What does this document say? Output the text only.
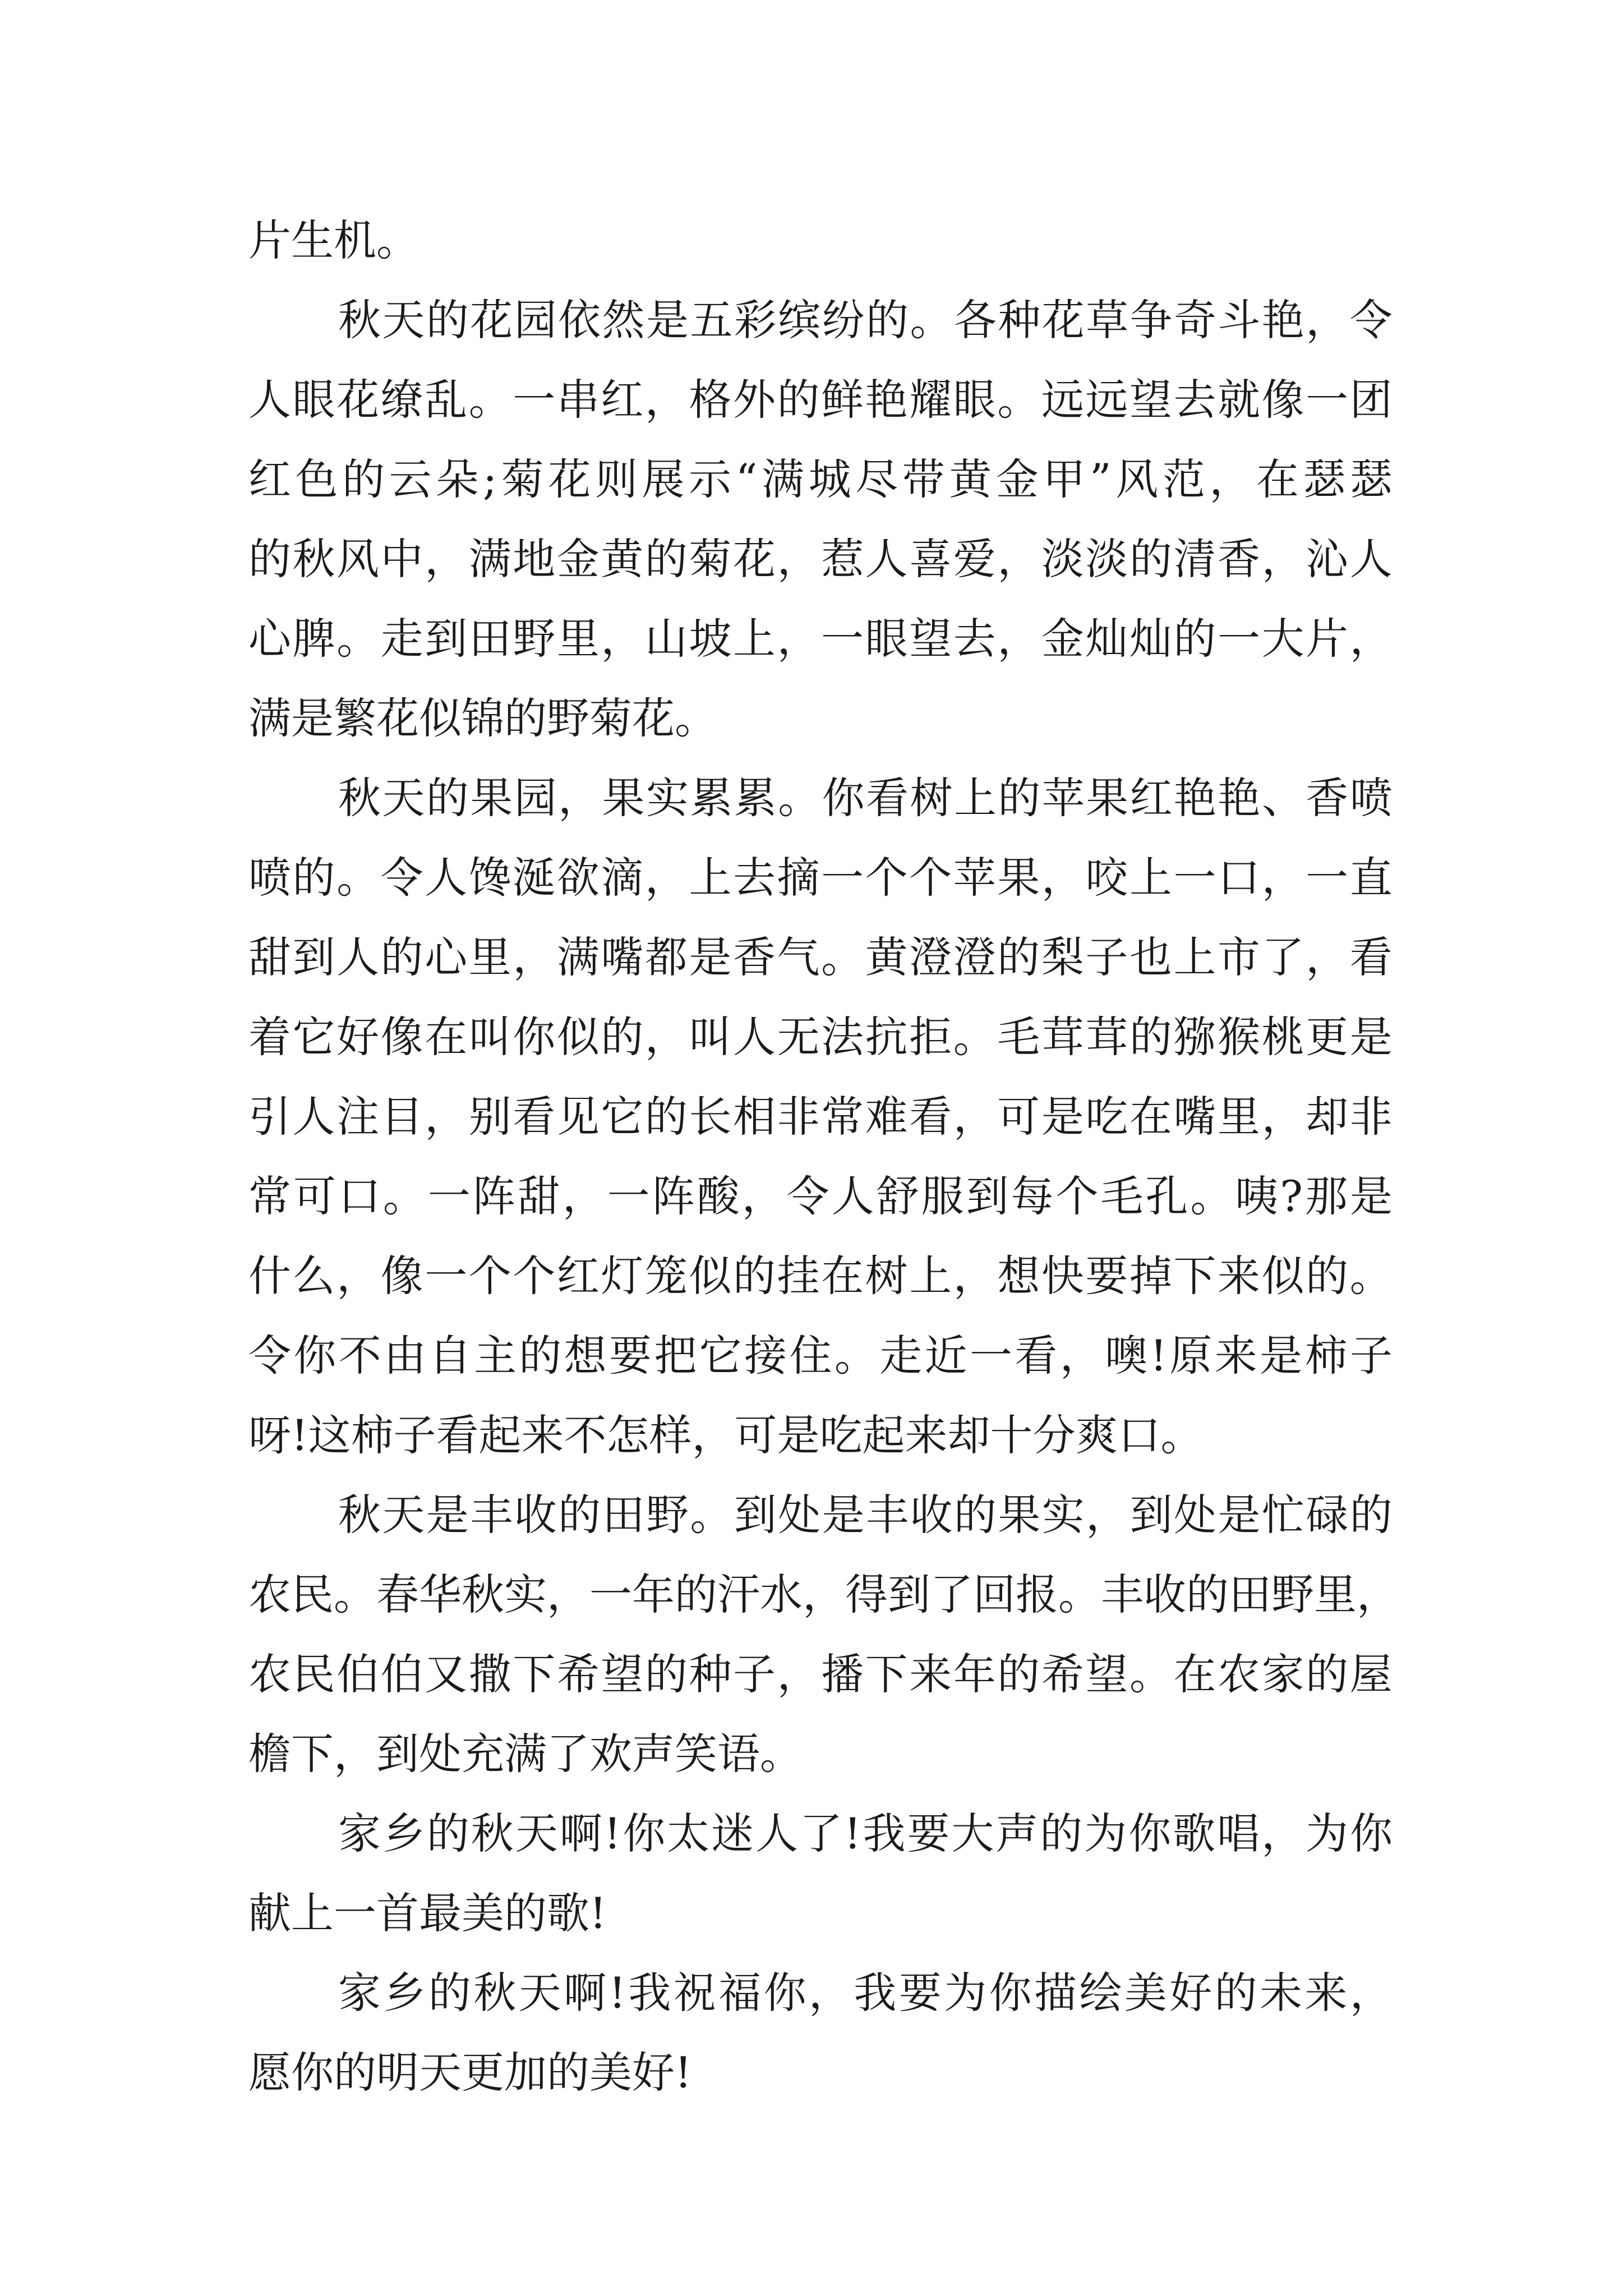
片生机。
秋 天 的 花 园 依 然 是 五 彩 缤 纷 的 。 各 种 花 草 争 奇 斗 艳 ， 令
人 眼 花 缭 乱 。 一 串 红 ， 格 外 的 鲜 艳 耀 眼 。 远 远 望 去 就 像 一 团
红 色 的 云 朵 ; 菊 花 则 展 示 “ 满 城 尽 带 黄 金 甲 ” 风 范 ， 在 瑟 瑟
的 秋 风 中 ， 满 地 金 黄 的 菊 花 ， 惹 人 喜 爱 ， 淡 淡 的 清 香 ， 沁 人
心 脾 。 走 到 田 野 里 ， 山 坡 上 ， 一 眼 望 去 ， 金 灿 灿 的 一 大 片 ，
满是繁花似锦的野菊花。
秋 天 的 果 园 ， 果 实 累 累 。 你 看 树 上 的 苹 果 红 艳 艳 、 香 喷
喷 的 。 令 人 馋 涎 欲 滴 ， 上 去 摘 一 个 个 苹 果 ， 咬 上 一 口 ， 一 直
甜 到 人 的 心 里 ， 满 嘴 都 是 香 气 。 黄 澄 澄 的 梨 子 也 上 市 了 ， 看
着 它 好 像 在 叫 你 似 的 ， 叫 人 无 法 抗 拒 。 毛 茸 茸 的 猕 猴 桃 更 是
引 人 注 目 ， 别 看 见 它 的 长 相 非 常 难 看 ， 可 是 吃 在 嘴 里 ， 却 非
常 可 口 。 一 阵 甜 ， 一 阵 酸 ， 令 人 舒 服 到 每 个 毛 孔 。 咦 ? 那 是
什 么 ， 像 一 个 个 红 灯 笼 似 的 挂 在 树 上 ， 想 快 要 掉 下 来 似 的 。
令 你 不 由 自 主 的 想 要 把 它 接 住 。 走 近 一 看 ， 噢 ! 原 来 是 柿 子
呀!这柿子看起来不怎样，可是吃起来却十分爽口。
秋 天 是 丰 收 的 田 野 。 到 处 是 丰 收 的 果 实 ， 到 处 是 忙 碌 的
农 民 。 春 华 秋 实 ， 一 年 的 汗 水 ， 得 到 了 回 报 。 丰 收 的 田 野 里 ，
农 民 伯 伯 又 撒 下 希 望 的 种 子 ， 播 下 来 年 的 希 望 。 在 农 家 的 屋
檐下，到处充满了欢声笑语。
家 乡 的 秋 天 啊 ! 你 太 迷 人 了 ! 我 要 大 声 的 为 你 歌 唱 ， 为 你
献上一首最美的歌!
家 乡 的 秋 天 啊 ! 我 祝 福 你 ， 我 要 为 你 描 绘 美 好 的 未 来 ，
愿你的明天更加的美好!
